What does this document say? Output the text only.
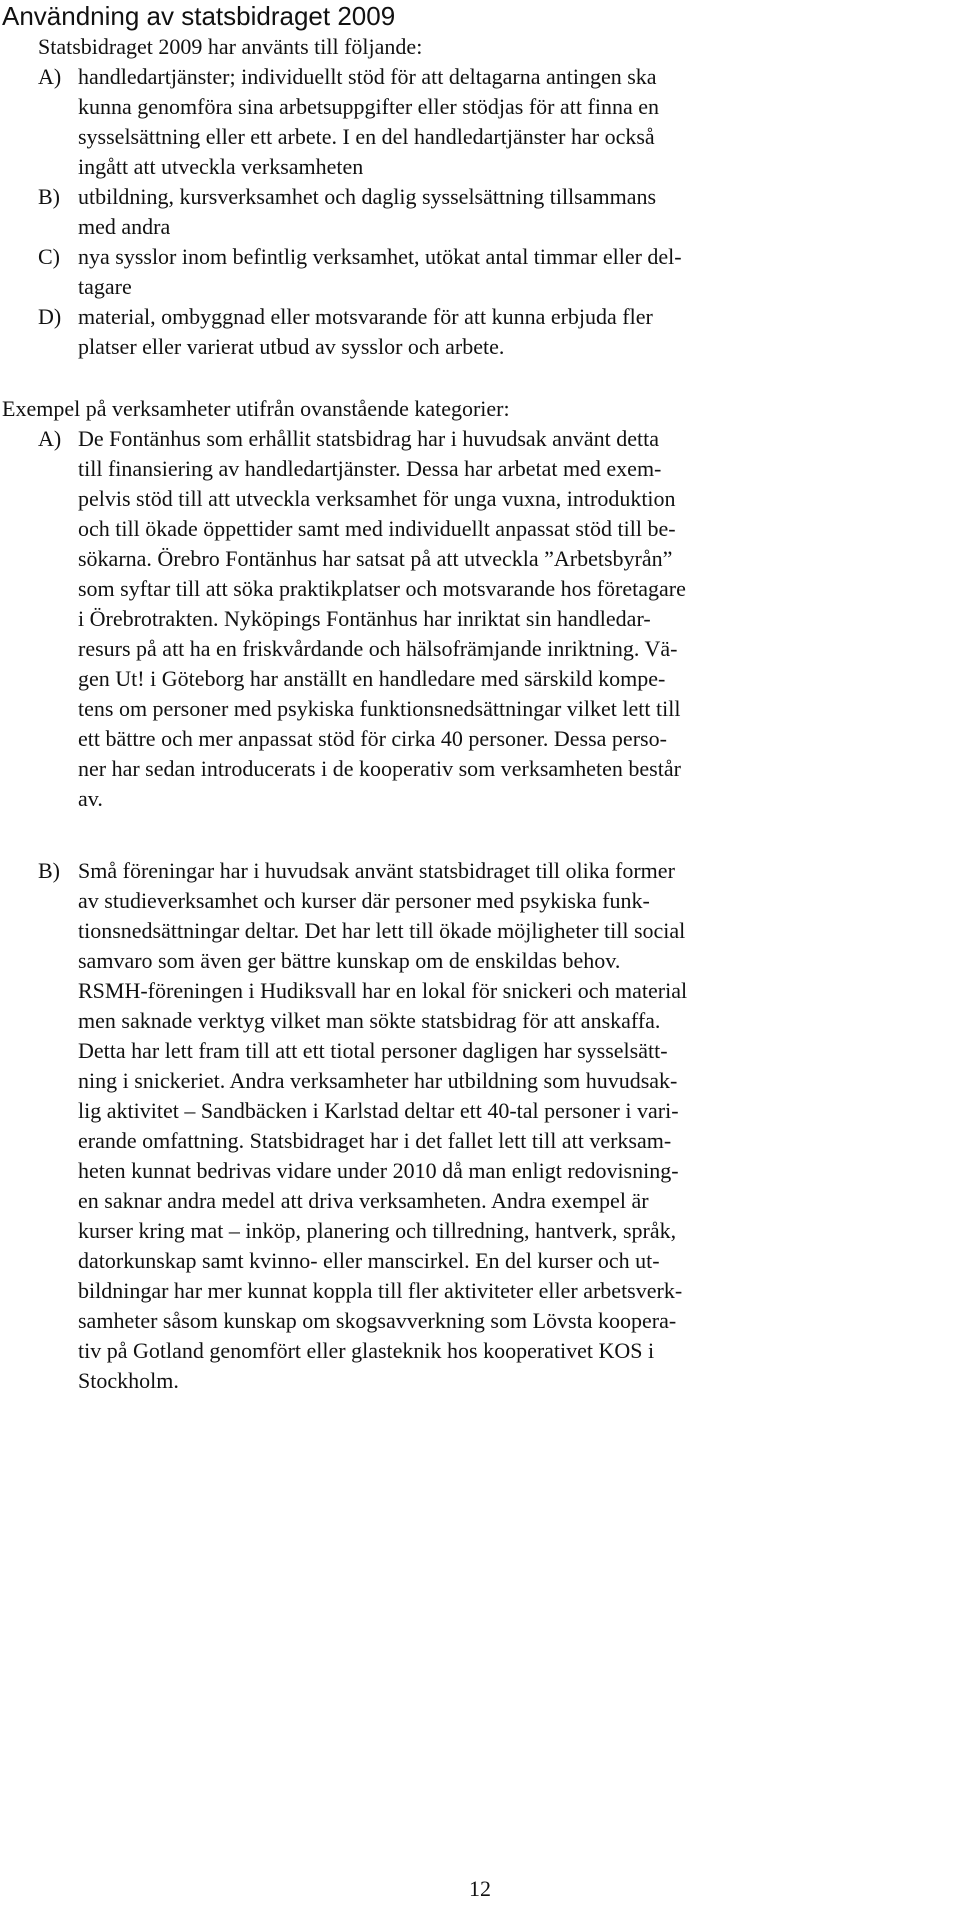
Användning av statsbidraget 2009
Statsbidraget 2009 har använts till följande:
A) handledartjänster; individuellt stöd för att deltagarna antingen ska
kunna genomföra sina arbetsuppgifter eller stödjas för att finna en
sysselsättning eller ett arbete. I en del handledartjänster har också
ingått att utveckla verksamheten
B) utbildning, kursverksamhet och daglig sysselsättning tillsammans
med andra
C) nya sysslor inom befintlig verksamhet, utökat antal timmar eller del-
tagare
D) material, ombyggnad eller motsvarande för att kunna erbjuda fler
platser eller varierat utbud av sysslor och arbete.
Exempel på verksamheter utifrån ovanstående kategorier:
A) De Fontänhus som erhållit statsbidrag har i huvudsak använt detta
till finansiering av handledartjänster. Dessa har arbetat med exem-
pelvis stöd till att utveckla verksamhet för unga vuxna, introduktion
och till ökade öppettider samt med individuellt anpassat stöd till be-
sökarna. Örebro Fontänhus har satsat på att utveckla ”Arbetsbyrån”
som syftar till att söka praktikplatser och motsvarande hos företagare
i Örebrotrakten. Nyköpings Fontänhus har inriktat sin handledar-
resurs på att ha en friskvårdande och hälsofrämjande inriktning. Vä-
gen Ut! i Göteborg har anställt en handledare med särskild kompe-
tens om personer med psykiska funktionsnedsättningar vilket lett till
ett bättre och mer anpassat stöd för cirka 40 personer. Dessa perso-
ner har sedan introducerats i de kooperativ som verksamheten består
av.
B) Små föreningar har i huvudsak använt statsbidraget till olika former
av studieverksamhet och kurser där personer med psykiska funk-
tionsnedsättningar deltar. Det har lett till ökade möjligheter till social
samvaro som även ger bättre kunskap om de enskildas behov.
RSMH-föreningen i Hudiksvall har en lokal för snickeri och material
men saknade verktyg vilket man sökte statsbidrag för att anskaffa.
Detta har lett fram till att ett tiotal personer dagligen har sysselsätt-
ning i snickeriet. Andra verksamheter har utbildning som huvudsak-
lig aktivitet – Sandbäcken i Karlstad deltar ett 40-tal personer i vari-
erande omfattning. Statsbidraget har i det fallet lett till att verksam-
heten kunnat bedrivas vidare under 2010 då man enligt redovisning-
en saknar andra medel att driva verksamheten. Andra exempel är
kurser kring mat – inköp, planering och tillredning, hantverk, språk,
datorkunskap samt kvinno- eller manscirkel. En del kurser och ut-
bildningar har mer kunnat koppla till fler aktiviteter eller arbetsverk-
samheter såsom kunskap om skogsavverkning som Lövsta koopera-
tiv på Gotland genomfört eller glasteknik hos kooperativet KOS i
Stockholm.
12
